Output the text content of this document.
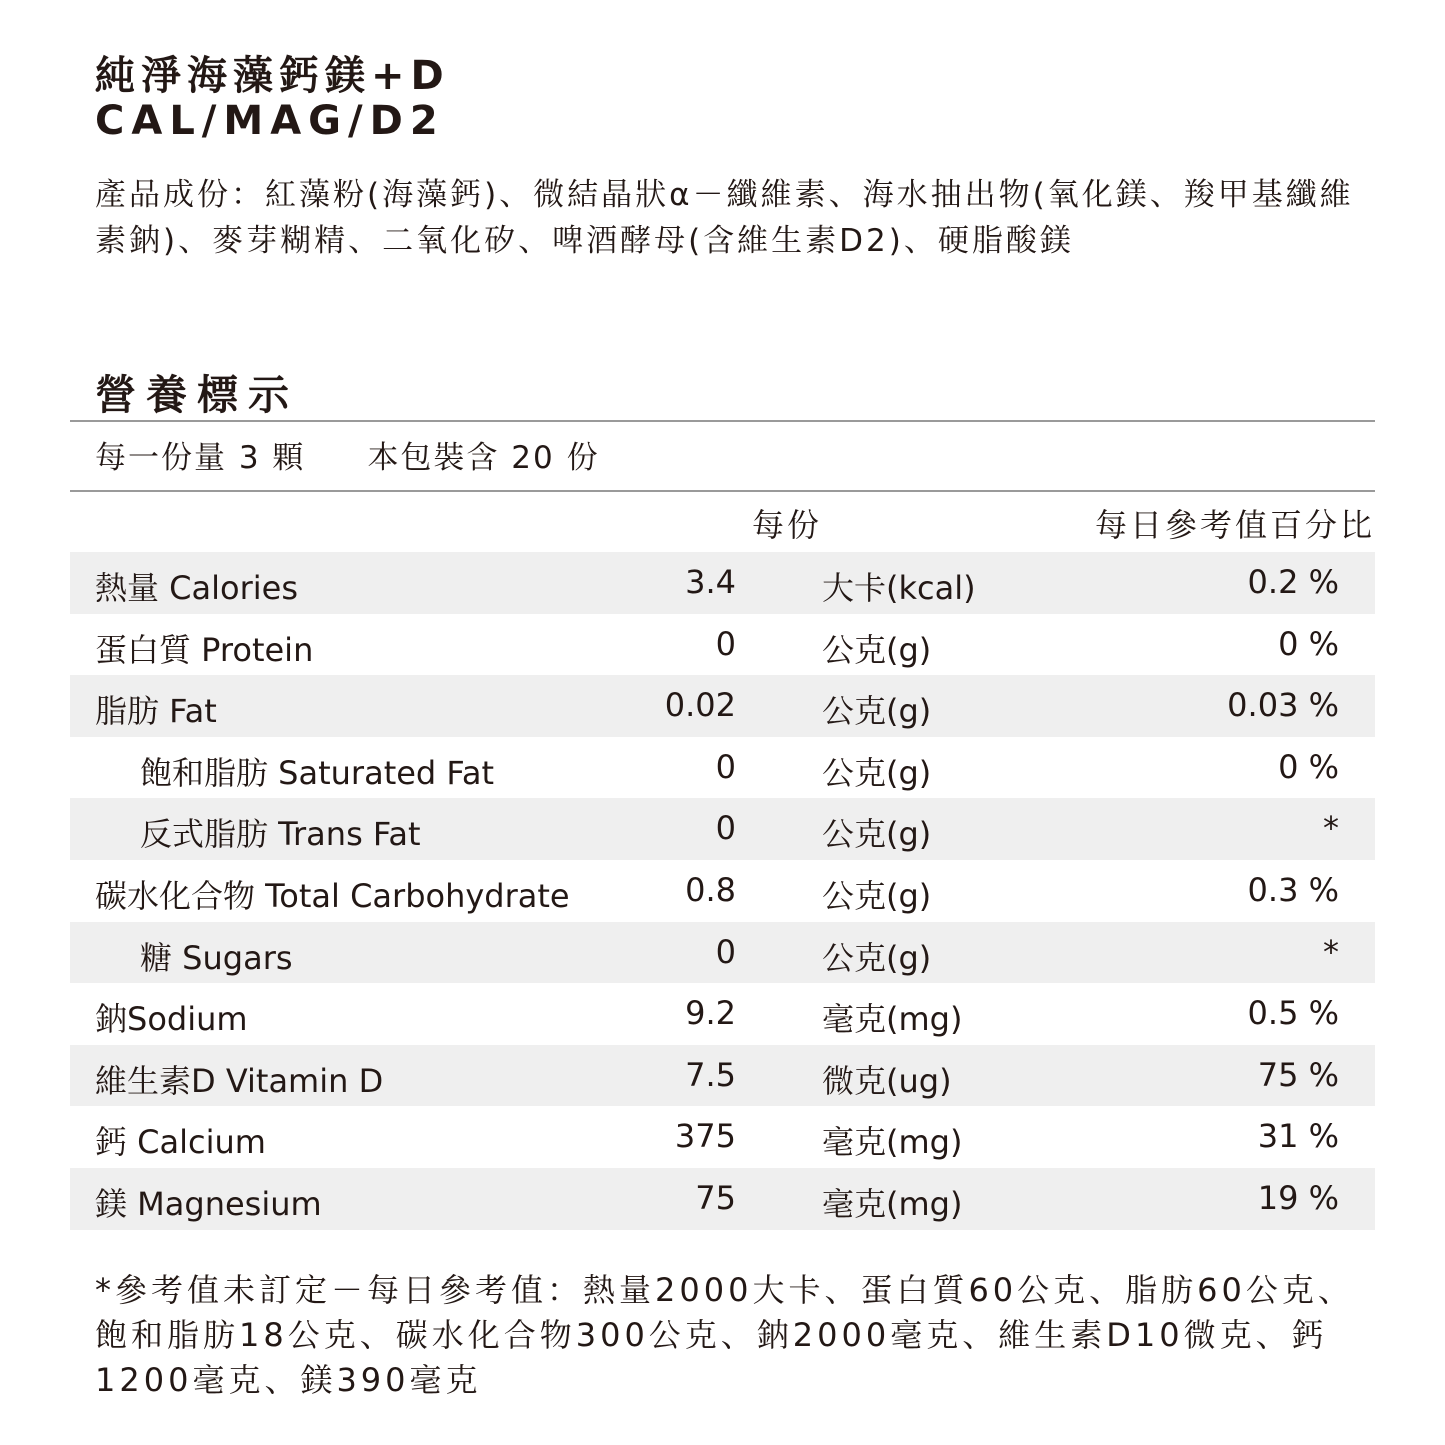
純淨海藻鈣鎂+D
CAL/MAG/D2
產品成份：紅藻粉(海藻鈣)、微結晶狀α－纖維素、海水抽出物(氧化鎂、羧甲基纖維素鈉)、麥芽糊精、二氧化矽、啤酒酵母(含維生素D2)、硬脂酸鎂
營養標示
每一份量 3 顆 本包裝含 20 份
每份	每日參考值百分比
熱量 Calories	3.4	大卡(kcal)	0.2 %
蛋白質 Protein	0	公克(g)	0 %
脂肪 Fat	0.02	公克(g)	0.03 %
飽和脂肪 Saturated Fat	0	公克(g)	0 %
反式脂肪 Trans Fat	0	公克(g)	*
碳水化合物 Total Carbohydrate	0.8	公克(g)	0.3 %
糖 Sugars	0	公克(g)	*
鈉Sodium	9.2	毫克(mg)	0.5 %
維生素D Vitamin D	7.5	微克(ug)	75 %
鈣 Calcium	375	毫克(mg)	31 %
鎂 Magnesium	75	毫克(mg)	19 %
*參考值未訂定－每日參考值：熱量2000大卡、蛋白質60公克、脂肪60公克、飽和脂肪18公克、碳水化合物300公克、鈉2000毫克、維生素D10微克、鈣1200毫克、鎂390毫克
